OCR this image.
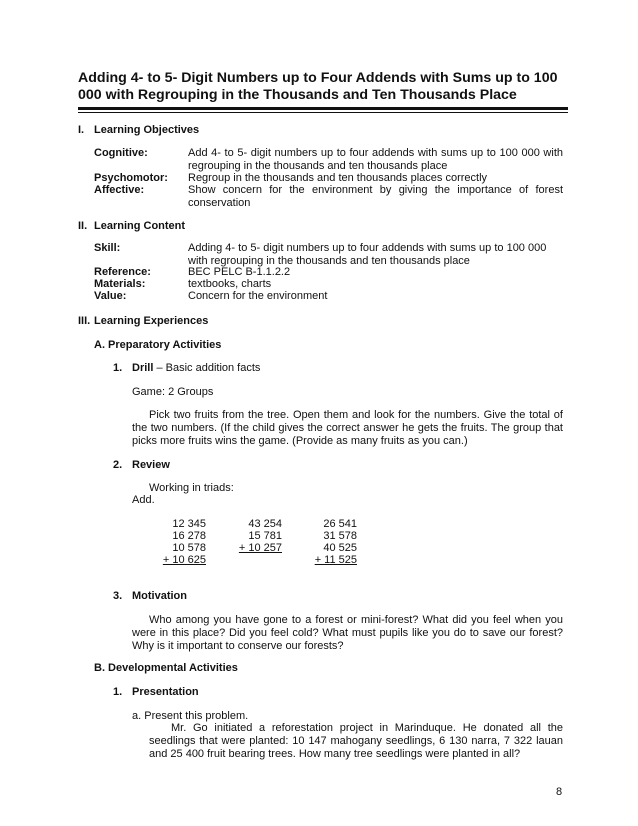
Adding 4- to 5- Digit Numbers up to Four Addends with Sums up to 100 000 with Regrouping in the Thousands and Ten Thousands Place
I. Learning Objectives
Cognitive:	Add 4- to 5- digit numbers up to four addends with sums up to 100 000 with regrouping in the thousands and ten thousands place
Psychomotor: Regroup in the thousands and ten thousands places correctly
Affective:	Show concern for the environment by giving the importance of forest conservation
II. Learning Content
Skill:	Adding 4- to 5- digit numbers up to four addends with sums up to 100 000 with regrouping in the thousands and ten thousands place
Reference:	BEC PELC B-1.1.2.2
Materials:	textbooks, charts
Value:	Concern for the environment
III. Learning Experiences
A. Preparatory Activities
1. Drill – Basic addition facts
Game: 2 Groups
Pick two fruits from the tree. Open them and look for the numbers. Give the total of the two numbers. (If the child gives the correct answer he gets the fruits. The group that picks more fruits wins the game. (Provide as many fruits as you can.)
2. Review
Working in triads:
Add.
12 345
16 278
10 578
+ 10 625
43 254
15 781
+ 10 257
26 541
31 578
40 525
+ 11 525
3. Motivation
Who among you have gone to a forest or mini-forest? What did you feel when you were in this place? Did you feel cold? What must pupils like you do to save our forest? Why is it important to conserve our forests?
B. Developmental Activities
1. Presentation
a. Present this problem.
Mr. Go initiated a reforestation project in Marinduque. He donated all the seedlings that were planted: 10 147 mahogany seedlings, 6 130 narra, 7 322 lauan and 25 400 fruit bearing trees. How many tree seedlings were planted in all?
8
